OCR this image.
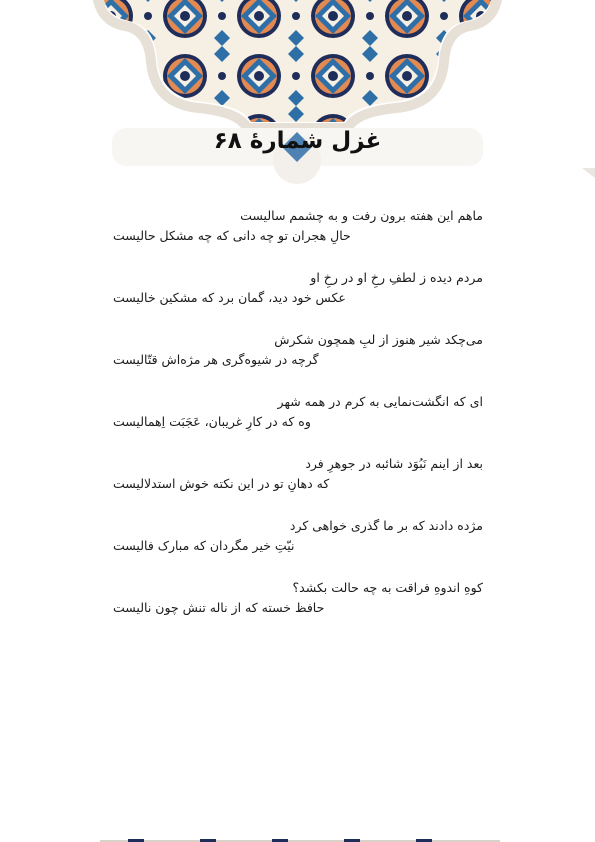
غزل شمارهٔ ۶۸
ماهم این هفته برون رفت و به چشمم سالیست
حالِ هجران تو چه دانی که چه مشکل حالیست
مردم دیده ز لطفِ رخِ او در رخِ او
عکس خود دید، گمان برد که مشکین خالیست
می‌چکد شیر هنوز از لبِ همچون شکرش
گرچه در شیوه‌گری هر مژه‌اش قتّالیست
ای که انگشت‌نمایی به کرم در همه شهر
وه که در کارِ غریبان، عَجَبَت اِهمالیست
بعد از اینم نَبُوَد شائبه در جوهرِ فرد
که دهانِ تو در این نکته خوش استدلالیست
مژده دادند که بر ما گذری خواهی کرد
نیّتِ خیر مگردان که مبارک فالیست
کوهِ اندوهِ فراقت به چه حالت بکشد؟
حافظ خسته که از ناله تنش چون نالیست
